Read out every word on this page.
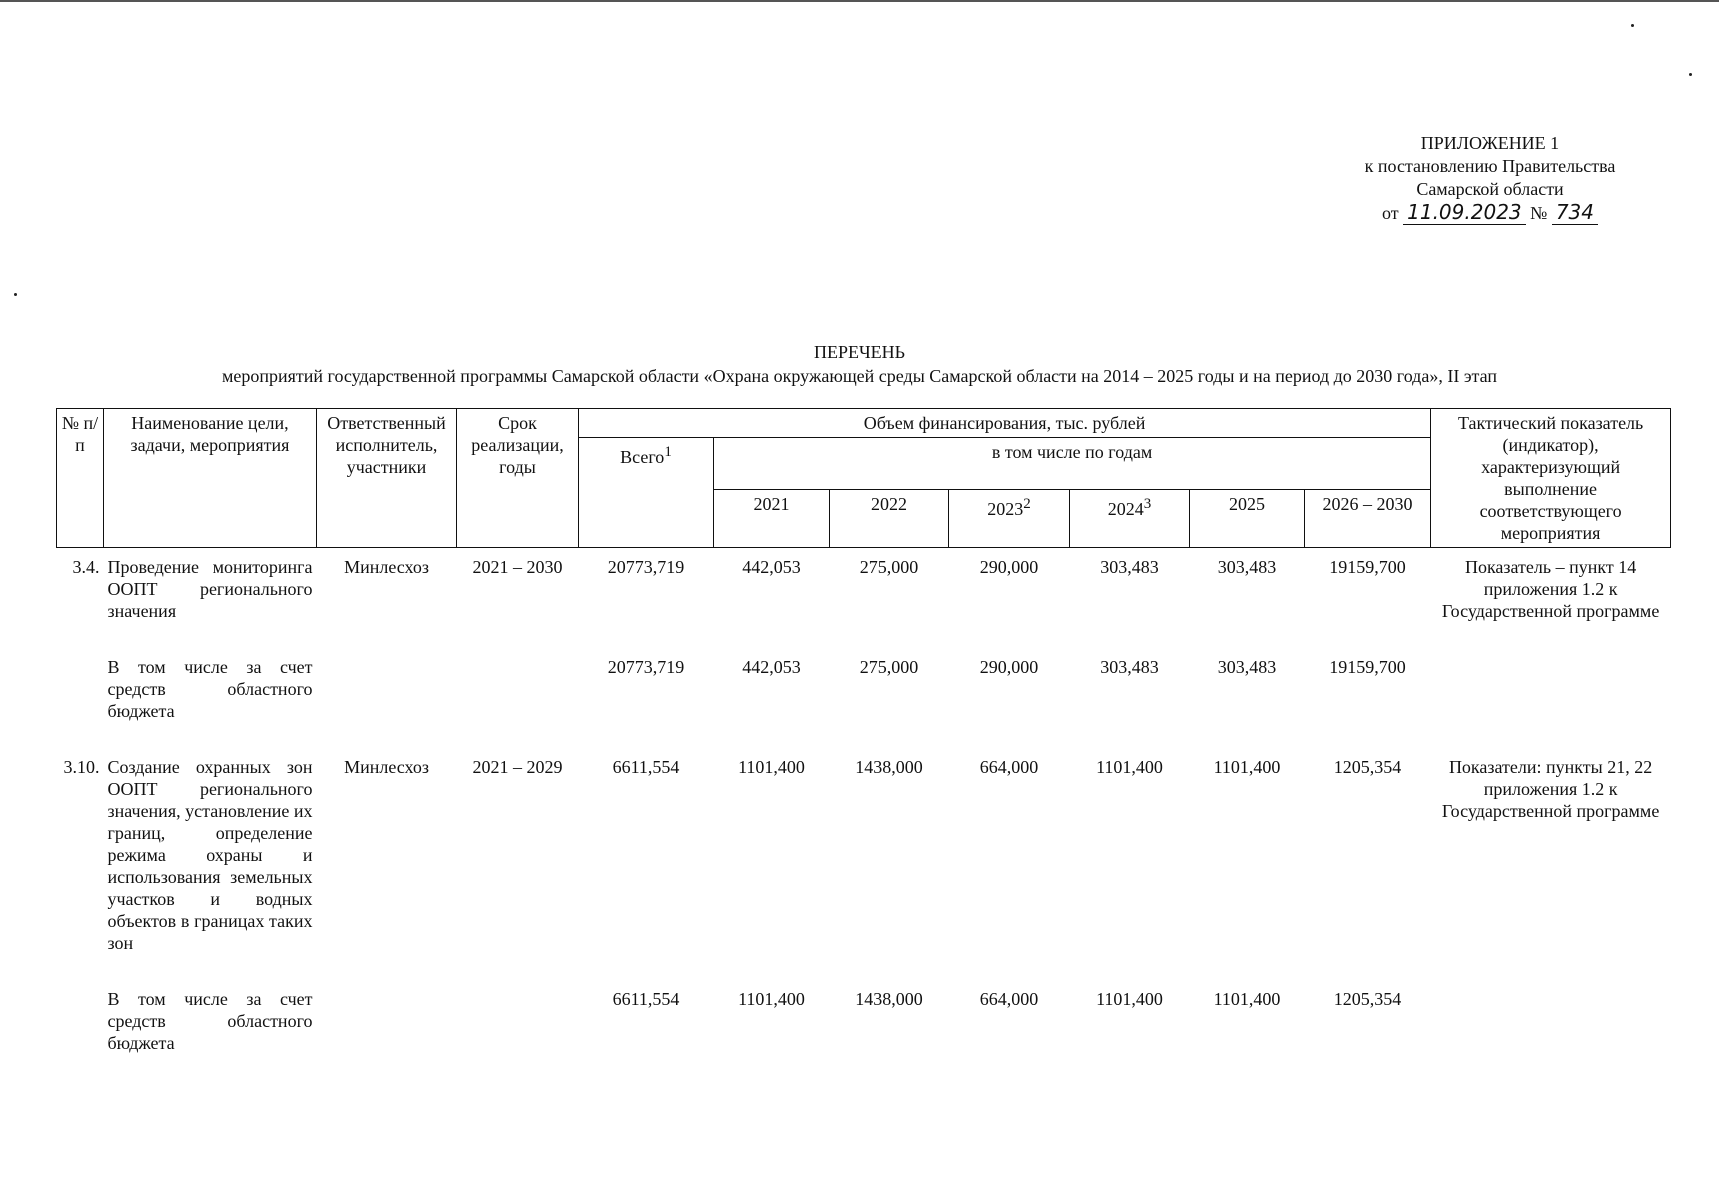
ПРИЛОЖЕНИЕ 1
к постановлению Правительства
Самарской области
от 11.09.2023 № 734
ПЕРЕЧЕНЬ
мероприятий государственной программы Самарской области «Охрана окружающей среды Самарской области на 2014 – 2025 годы и на период до 2030 года», II этап
№ п/п	Наименование цели, задачи, мероприятия	Ответственный исполнитель, участники	Срок реализации, годы	Объем финансирования, тыс. рублей							Тактический показатель (индикатор), характеризующий выполнение соответствующего мероприятия
				Всего$^1$	в том числе по годам						
					2021	2022	2023$^2$	2024$^3$	2025	2026 – 2030	

3.4.	Проведение мониторинга ООПТ регионального значения	Минлесхоз	2021 – 2030	20773,719	442,053	275,000	290,000	303,483	303,483	19159,700	Показатель – пункт 14 приложения 1.2 к Государственной программе

	В том числе за счет средств областного бюджета			20773,719	442,053	275,000	290,000	303,483	303,483	19159,700	

3.10.	Создание охранных зон ООПТ регионального значения, установление их границ, определение режима охраны и использования земельных участков и водных объектов в границах таких зон	Минлесхоз	2021 – 2029	6611,554	1101,400	1438,000	664,000	1101,400	1101,400	1205,354	Показатели: пункты 21, 22 приложения 1.2 к Государственной программе

	В том числе за счет средств областного бюджета			6611,554	1101,400	1438,000	664,000	1101,400	1101,400	1205,354	
